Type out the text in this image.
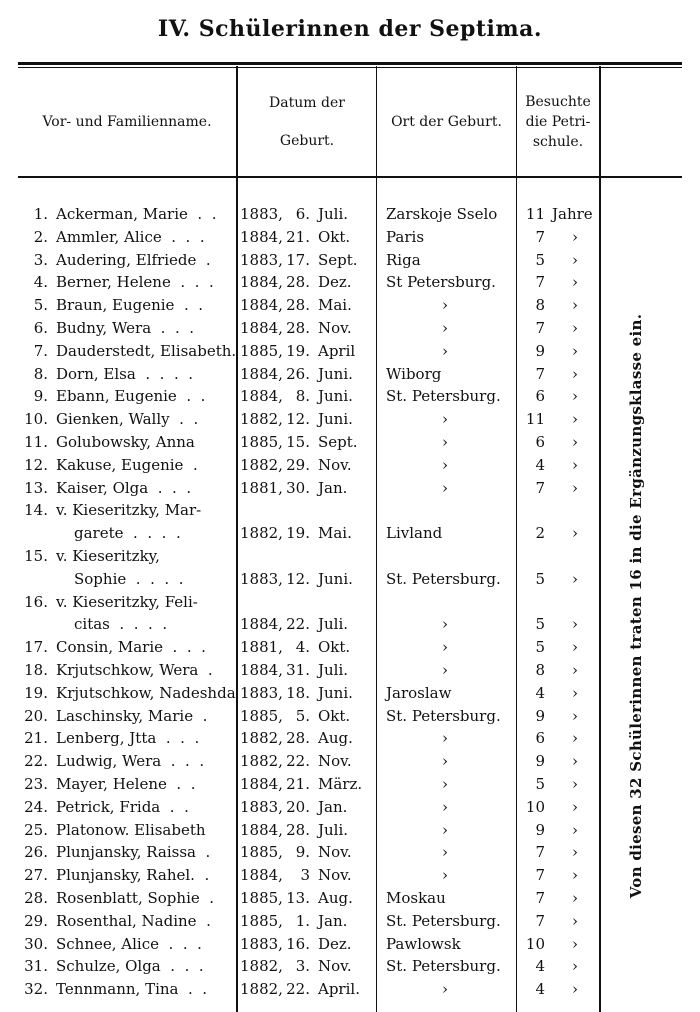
IV. Schülerinnen der Septima.
Vor- und Familienname.
Datum der
Geburt.
Ort der Geburt.
Besuchte
die Petri-
schule.
Von diesen 32 Schülerinnen traten 16 in die Ergänzungsklasse ein.
1. Ackerman, Marie  .  . 1883, 6. Juli.	Zarskoje Sselo 11 Jahre
2. Ammler, Alice  .  .  . 1884, 21. Okt. Paris	7 ›
3. Audering, Elfriede  . 1883, 17. Sept. Riga	5 ›
4. Berner, Helene  .  .  . 1884, 28. Dez. St Petersburg.	7 ›
5. Braun, Eugenie  .  . 1884, 28. Mai.	›	8 ›
6. Budny, Wera  .  .  .	1884, 28. Nov.	›	7 ›
7. Dauderstedt, Elisabeth. 1885, 19. April	›	9 ›
8. Dorn, Elsa  .  .  .  .	1884, 26. Juni. Wiborg	7 ›
9. Ebann, Eugenie  .  . 1884, 8. Juni. St. Petersburg.	6 ›
10. Gienken, Wally  .  .	1882, 12. Juni.	›	11 ›
11. Golubowsky, Anna	1885, 15. Sept.	›	6 ›
12. Kakuse, Eugenie  .	1882, 29. Nov.	›	4 ›
13. Kaiser, Olga  .  .  .	1881, 30. Jan.	›	7 ›
14. v. Kieseritzky, Mar-
garete  .  .  .  .	1882, 19. Mai. Livland	2 ›
15. v. Kieseritzky,
Sophie  .  .  .  .	1883, 12. Juni. St. Petersburg.	5 ›
16. v. Kieseritzky, Feli-
citas  .  .  .  .	1884, 22. Juli.	›	5 ›
17. Consin, Marie  .  .  . 1881, 4. Okt.	›	5 ›
18. Krjutschkow, Wera  . 1884, 31. Juli.	›	8 ›
19. Krjutschkow, Nadeshda 1883, 18. Juni. Jaroslaw	4 ›
20. Laschinsky, Marie  . 1885, 5. Okt. St. Petersburg.	9 ›
21. Lenberg, Jtta  .  .  .	1882, 28. Aug.	›	6 ›
22. Ludwig, Wera  .  .  . 1882, 22. Nov.	›	9 ›
23. Mayer, Helene  .  .	1884, 21. März.	›	5 ›
24. Petrick, Frida  .  .	1883, 20. Jan.	›	10 ›
25. Platonow. Elisabeth 1884, 28. Juli.	›	9 ›
26. Plunjansky, Raissa  . 1885, 9. Nov.	›	7 ›
27. Plunjansky, Rahel.  . 1884,	3 Nov.	›	7 ›
28. Rosenblatt, Sophie  . 1885, 13. Aug. Moskau	7 ›
29. Rosenthal, Nadine  . 1885, 1. Jan.	St. Petersburg.	7 ›
30. Schnee, Alice  .  .  .	1883, 16. Dez. Pawlowsk	10 ›
31. Schulze, Olga  .  .  . 1882, 3. Nov. St. Petersburg.	4 ›
32. Tennmann, Tina  .  . 1882, 22. April.	›	4 ›
